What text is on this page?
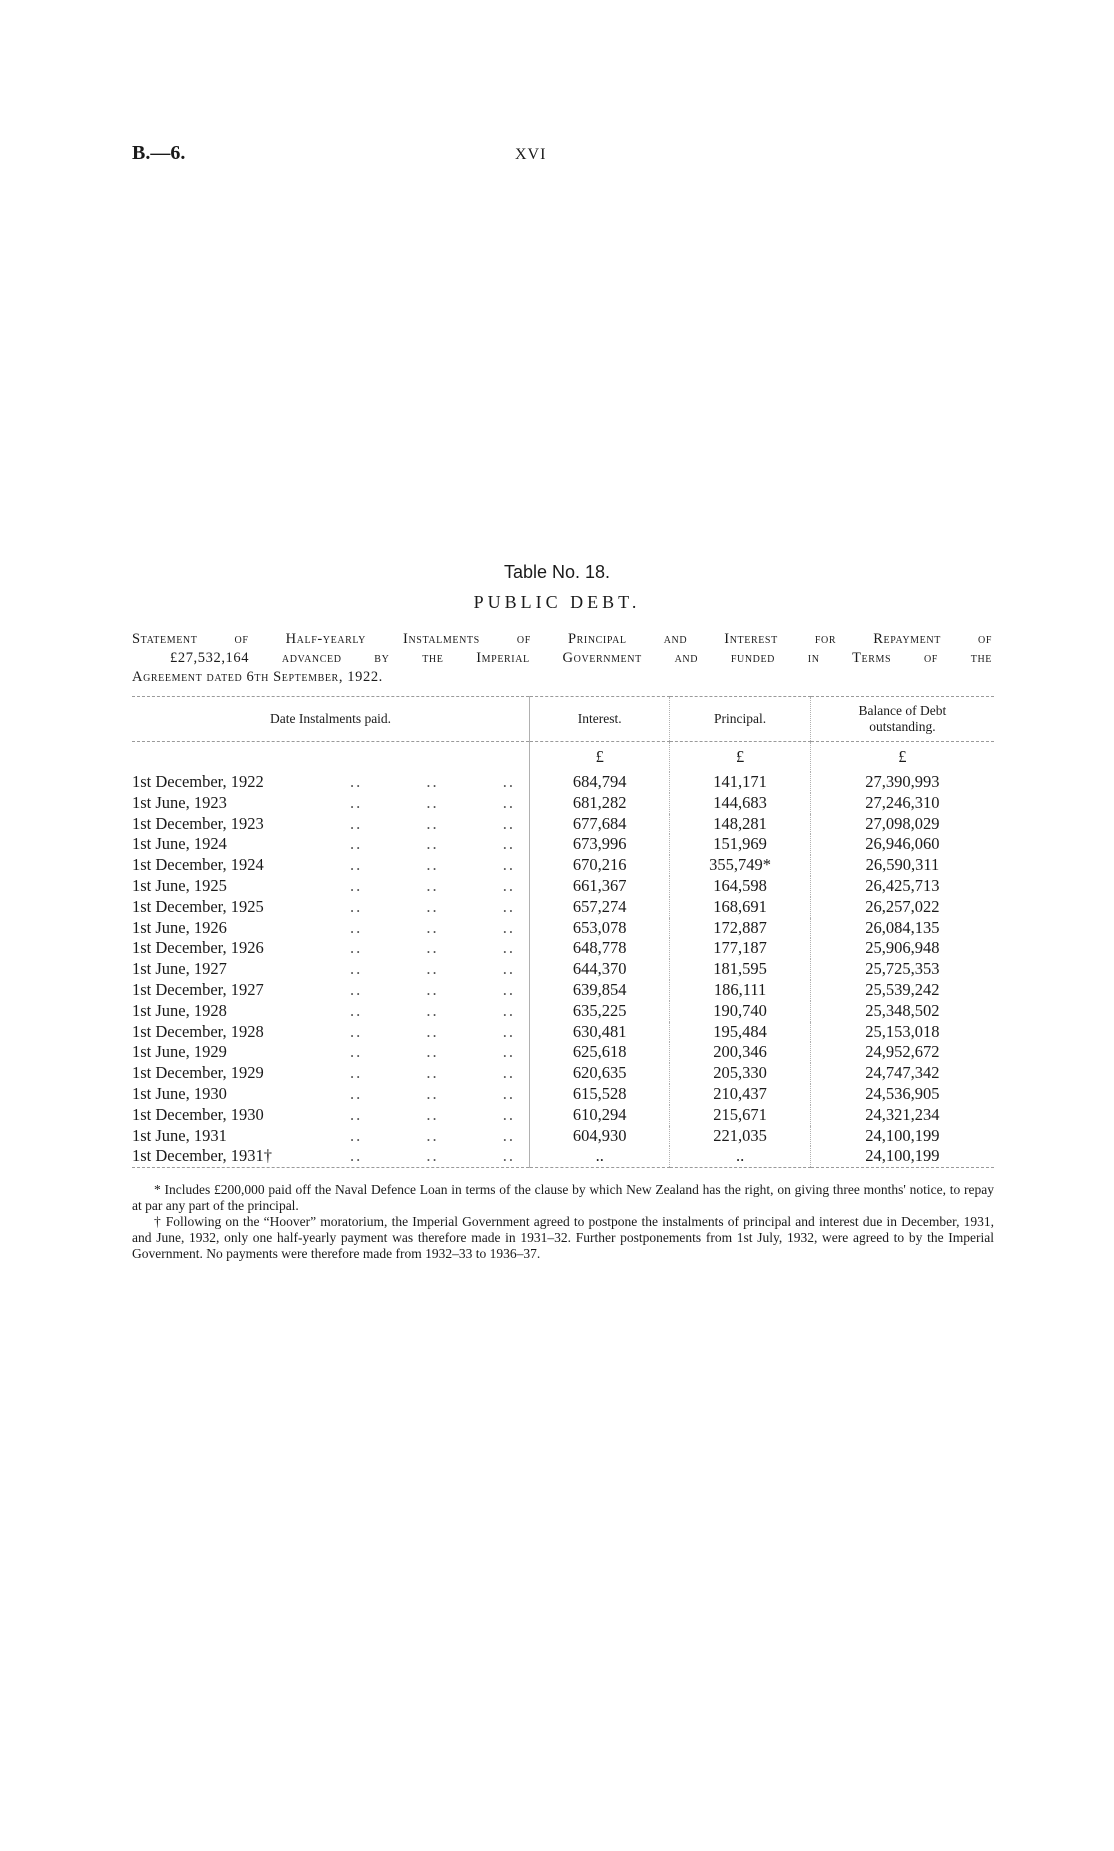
B.—6.	XVI
Table No. 18.
PUBLIC DEBT.
Statement of Half-yearly Instalments of Principal and Interest for Repayment of
£27,532,164 advanced by the Imperial Government and funded in Terms of the
Agreement dated 6th September, 1922.
Date Instalments paid.	Interest.	Principal.	Balance of Debt
outstanding.
	£	£	£

1st December, 1922 .. .. ..	684,794	141,171	27,390,993

1st June, 1923 .. .. ..	681,282	144,683	27,246,310

1st December, 1923 .. .. ..	677,684	148,281	27,098,029

1st June, 1924 .. .. ..	673,996	151,969	26,946,060

1st December, 1924 .. .. ..	670,216	355,749*	26,590,311

1st June, 1925 .. .. ..	661,367	164,598	26,425,713

1st December, 1925 .. .. ..	657,274	168,691	26,257,022

1st June, 1926 .. .. ..	653,078	172,887	26,084,135

1st December, 1926 .. .. ..	648,778	177,187	25,906,948

1st June, 1927 .. .. ..	644,370	181,595	25,725,353

1st December, 1927 .. .. ..	639,854	186,111	25,539,242

1st June, 1928 .. .. ..	635,225	190,740	25,348,502

1st December, 1928 .. .. ..	630,481	195,484	25,153,018

1st June, 1929 .. .. ..	625,618	200,346	24,952,672

1st December, 1929 .. .. ..	620,635	205,330	24,747,342

1st June, 1930 .. .. ..	615,528	210,437	24,536,905

1st December, 1930 .. .. ..	610,294	215,671	24,321,234

1st June, 1931 .. .. ..	604,930	221,035	24,100,199

1st December, 1931† .. .. ..	..	..	24,100,199

* Includes £200,000 paid off the Naval Defence Loan in terms of the clause by which New Zealand has the right, on giving three months' notice, to repay at par any part of the principal.

† Following on the “Hoover” moratorium, the Imperial Government agreed to postpone the instalments of principal and interest due in December, 1931, and June, 1932, only one half-yearly payment was therefore made in 1931–32. Further postponements from 1st July, 1932, were agreed to by the Imperial Government. No payments were therefore made from 1932–33 to 1936–37.
